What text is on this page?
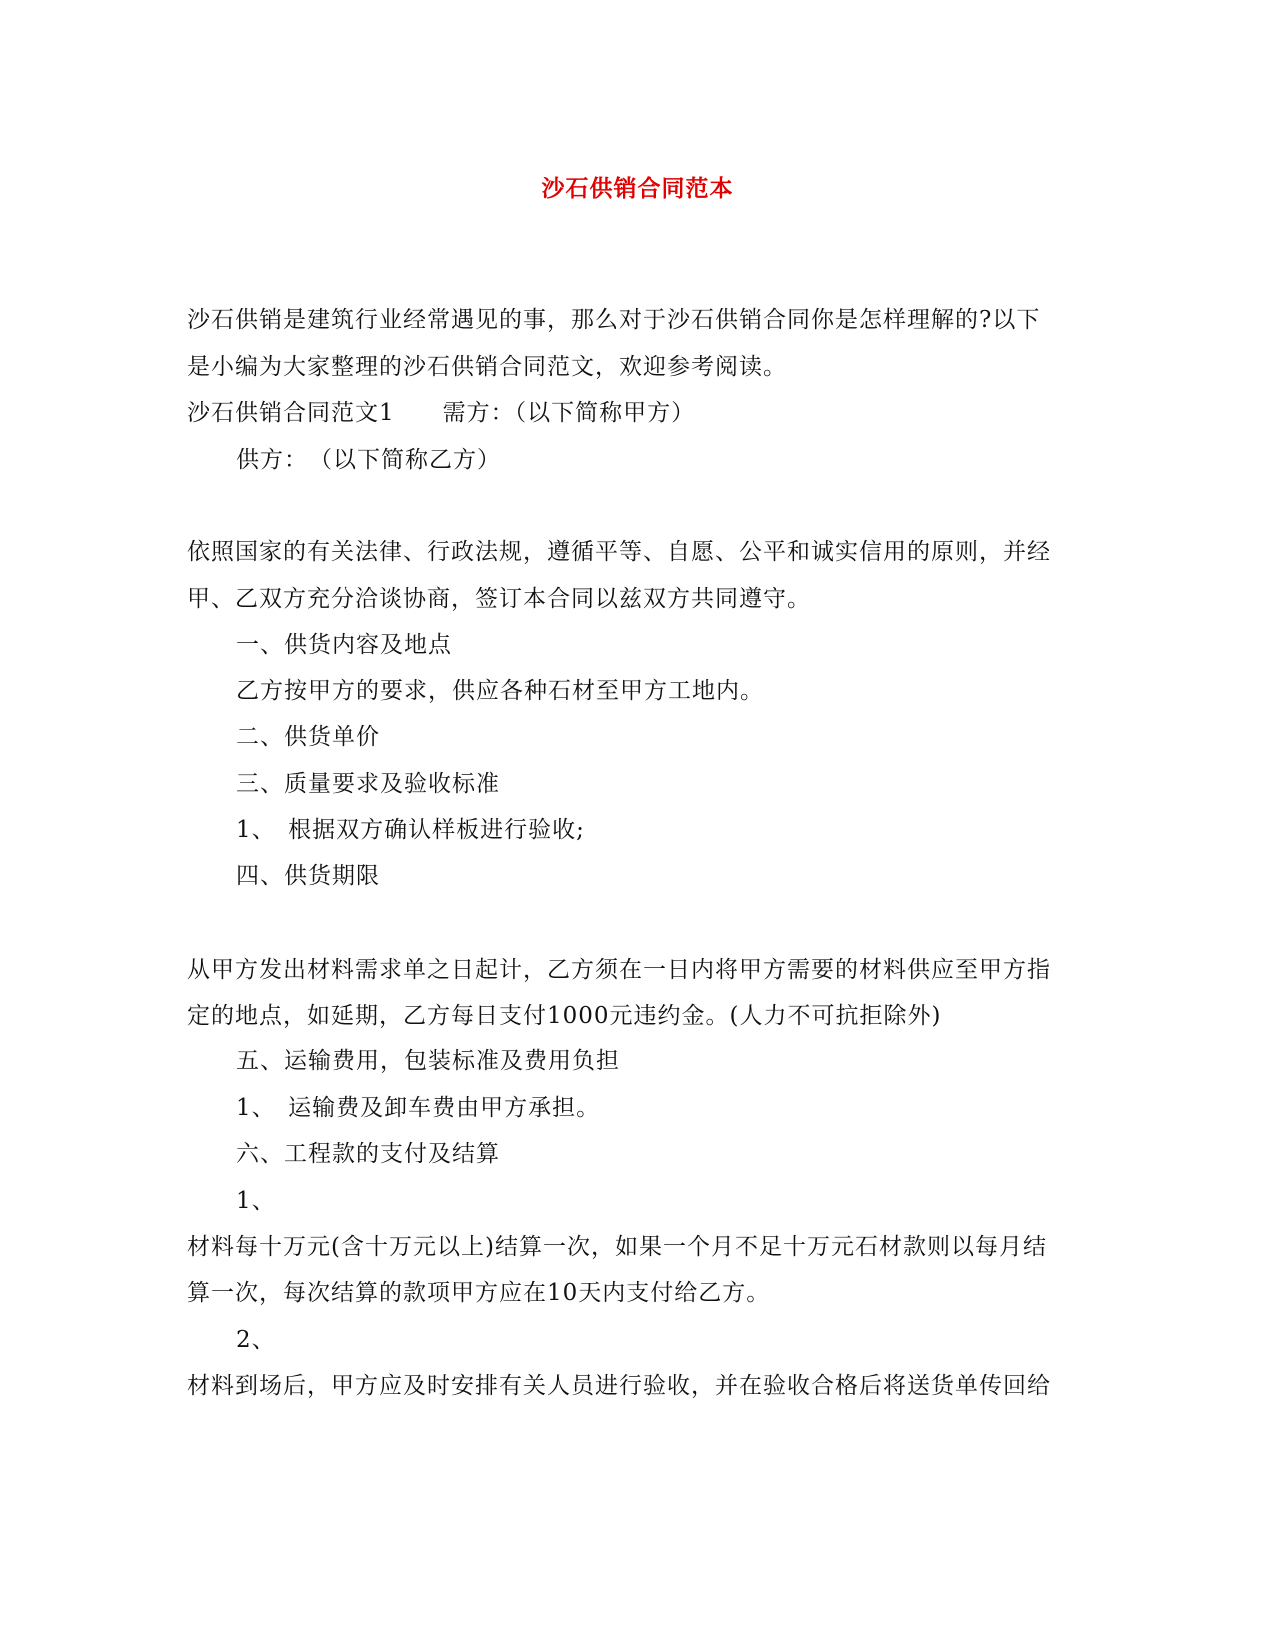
沙石供销合同范本
沙石供销是建筑行业经常遇见的事，那么对于沙石供销合同你是怎样理解的?以下
是小编为大家整理的沙石供销合同范文，欢迎参考阅读。
沙石供销合同范文1　　需方：（以下简称甲方）
供方：　（以下简称乙方）
依照国家的有关法律、行政法规，遵循平等、自愿、公平和诚实信用的原则，并经
甲、乙双方充分洽谈协商，签订本合同以兹双方共同遵守。
一、供货内容及地点
乙方按甲方的要求，供应各种石材至甲方工地内。
二、供货单价
三、质量要求及验收标准
1、　根据双方确认样板进行验收;
四、供货期限
从甲方发出材料需求单之日起计，乙方须在一日内将甲方需要的材料供应至甲方指
定的地点，如延期，乙方每日支付1000元违约金。(人力不可抗拒除外)
五、运输费用，包装标准及费用负担
1、　运输费及卸车费由甲方承担。
六、工程款的支付及结算
1、
材料每十万元(含十万元以上)结算一次，如果一个月不足十万元石材款则以每月结
算一次，每次结算的款项甲方应在10天内支付给乙方。
2、
材料到场后，甲方应及时安排有关人员进行验收，并在验收合格后将送货单传回给
